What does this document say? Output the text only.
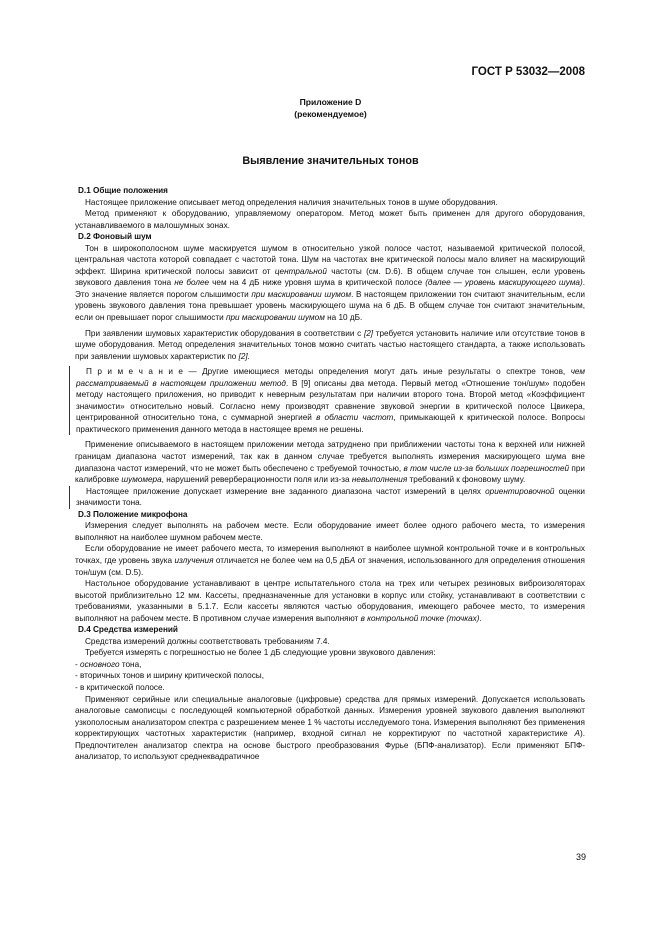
ГОСТ Р 53032—2008
Приложение D
(рекомендуемое)
Выявление значительных тонов

D.1 Общие положения

Настоящее приложение описывает метод определения наличия значительных тонов в шуме оборудования.

Метод применяют к оборудованию, управляемому оператором. Метод может быть применен для другого оборудования, устанавливаемого в малошумных зонах.

D.2 Фоновый шум

Тон в широкополосном шуме маскируется шумом в относительно узкой полосе частот, называемой критической полосой, центральная частота которой совпадает с частотой тона. Шум на частотах вне критической полосы мало влияет на маскирующий эффект. Ширина критической полосы зависит от центральной частоты (см. D.6). В общем случае тон слышен, если уровень звукового давления тона не более чем на 4 дБ ниже уровня шума в критической полосе (далее — уровень маскирующего шума). Это значение является порогом слышимости при маскировании шумом. В настоящем приложении тон считают значительным, если уровень звукового давления тона превышает уровень маскирующего шума на 6 дБ. В общем случае тон считают значительным, если он превышает порог слышимости при маскировании шумом на 10 дБ.

При заявлении шумовых характеристик оборудования в соответствии с [2] требуется установить наличие или отсутствие тонов в шуме оборудования. Метод определения значительных тонов можно считать частью настоящего стандарта, а также использовать при заявлении шумовых характеристик по [2].

П р и м е ч а н и е — Другие имеющиеся методы определения могут дать иные результаты о спектре тонов, чем рассматриваемый в настоящем приложении метод. В [9] описаны два метода. Первый метод «Отношение тон/шум» подобен методу настоящего приложения, но приводит к неверным результатам при наличии второго тона. Второй метод «Коэффициент значимости» относительно новый. Согласно нему производят сравнение звуковой энергии в критической полосе Цвикера, центрированной относительно тона, с суммарной энергией в области частот, примыкающей к критической полосе. Вопросы практического применения данного метода в настоящее время не решены.

Применение описываемого в настоящем приложении метода затруднено при приближении частоты тона к верхней или нижней границам диапазона частот измерений, так как в данном случае требуется выполнять измерения маскирующего шума вне диапазона частот измерений, что не может быть обеспечено с требуемой точностью, в том числе из-за больших погрешностей при калибровке шумомера, нарушений реверберационности поля или из-за невыполнения требований к фоновому шуму.

Настоящее приложение допускает измерение вне заданного диапазона частот измерений в целях ориентировочной оценки значимости тона.

D.3 Положение микрофона

Измерения следует выполнять на рабочем месте. Если оборудование имеет более одного рабочего места, то измерения выполняют на наиболее шумном рабочем месте.

Если оборудование не имеет рабочего места, то измерения выполняют в наиболее шумной контрольной точке и в контрольных точках, где уровень звука излучения отличается не более чем на 0,5 дБA от значения, использованного для определения отношения тон/шум (см. D.5).

Настольное оборудование устанавливают в центре испытательного стола на трех или четырех резиновых виброизоляторах высотой приблизительно 12 мм. Кассеты, предназначенные для установки в корпус или стойку, устанавливают в соответствии с требованиями, указанными в 5.1.7. Если кассеты являются частью оборудования, имеющего рабочее место, то измерения выполняют на рабочем месте. В противном случае измерения выполняют в контрольной точке (точках).

D.4 Средства измерений

Средства измерений должны соответствовать требованиям 7.4.

Требуется измерять с погрешностью не более 1 дБ следующие уровни звукового давления:

- основного тона,

- вторичных тонов и ширину критической полосы,

- в критической полосе.

Применяют серийные или специальные аналоговые (цифровые) средства для прямых измерений. Допускается использовать аналоговые самописцы с последующей компьютерной обработкой данных. Измерения уровней звукового давления выполняют узкополосным анализатором спектра с разрешением менее 1 % частоты исследуемого тона. Измерения выполняют без применения корректирующих частотных характеристик (например, входной сигнал не корректируют по частотной характеристике A). Предпочтителен анализатор спектра на основе быстрого преобразования Фурье (БПФ-анализатор). Если применяют БПФ-анализатор, то используют среднеквадратичное

39
